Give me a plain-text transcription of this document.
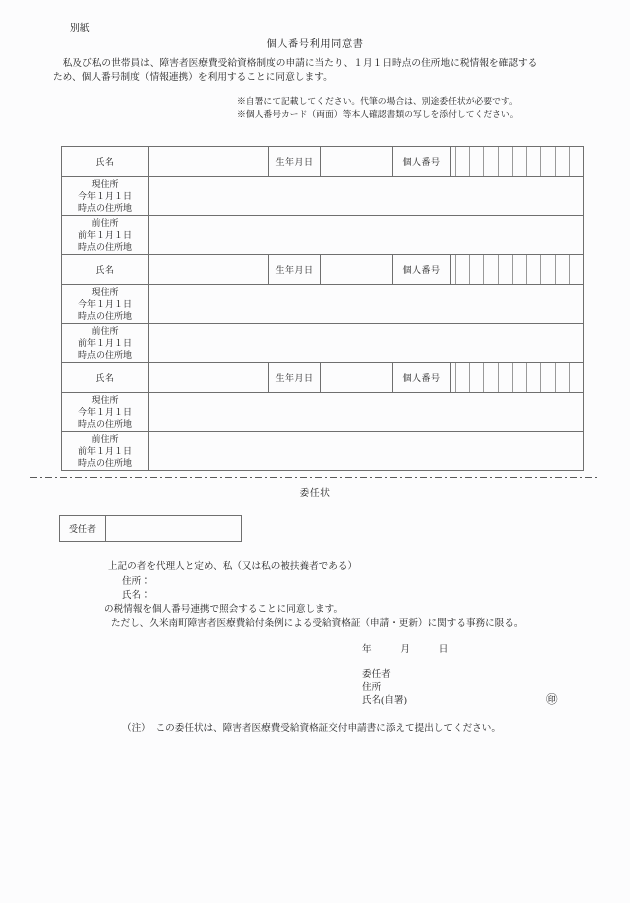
別紙
個人番号利用同意書
　私及び私の世帯員は、障害者医療費受給資格制度の申請に当たり、１月１日時点の住所地に税情報を確認する
ため、個人番号制度（情報連携）を利用することに同意します。
※自署にて記載してください。代筆の場合は、別途委任状が必要です。
※個人番号カード（両面）等本人確認書類の写しを添付してください。
氏名		生年月日		個人番号	

現住所
今年１月１日
時点の住所地					

前住所
前年１月１日
時点の住所地					

氏名		生年月日		個人番号	

現住所
今年１月１日
時点の住所地					

前住所
前年１月１日
時点の住所地					

氏名		生年月日		個人番号	

現住所
今年１月１日
時点の住所地					

前住所
前年１月１日
時点の住所地					

委任状
受任者
上記の者を代理人と定め、私（又は私の被扶養者である）
住所：
氏名：
の税情報を個人番号連携で照会することに同意します。
ただし、久米南町障害者医療費給付条例による受給資格証（申請・更新）に関する事務に限る。
年　　　月　　　日
委任者
住所
氏名(自署)	㊞
（注）　この委任状は、障害者医療費受給資格証交付申請書に添えて提出してください。
